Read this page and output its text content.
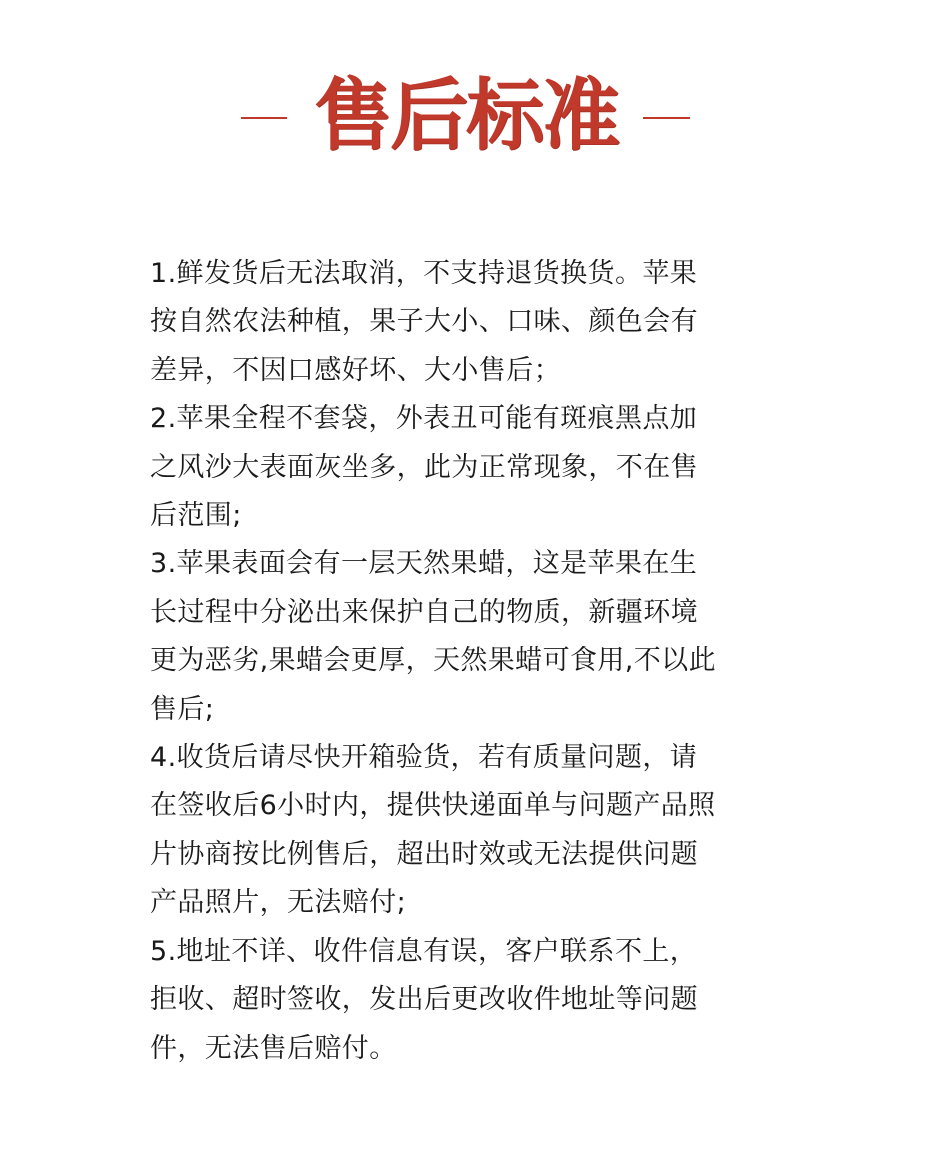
售后标准

1.鲜发货后无法取消，不支持退货换货。苹果
按自然农法种植，果子大小、口味、颜色会有
差异，不因口感好坏、大小售后；

2.苹果全程不套袋，外表丑可能有斑痕黑点加
之风沙大表面灰坐多，此为正常现象，不在售
后范围;

3.苹果表面会有一层天然果蜡，这是苹果在生
长过程中分泌出来保护自己的物质，新疆环境
更为恶劣,果蜡会更厚，天然果蜡可食用,不以此
售后;

4.收货后请尽快开箱验货，若有质量问题，请
在签收后6小时内，提供快递面单与问题产品照
片协商按比例售后，超出时效或无法提供问题
产品照片，无法赔付;

5.地址不详、收件信息有误，客户联系不上，
拒收、超时签收，发出后更改收件地址等问题
件，无法售后赔付。
